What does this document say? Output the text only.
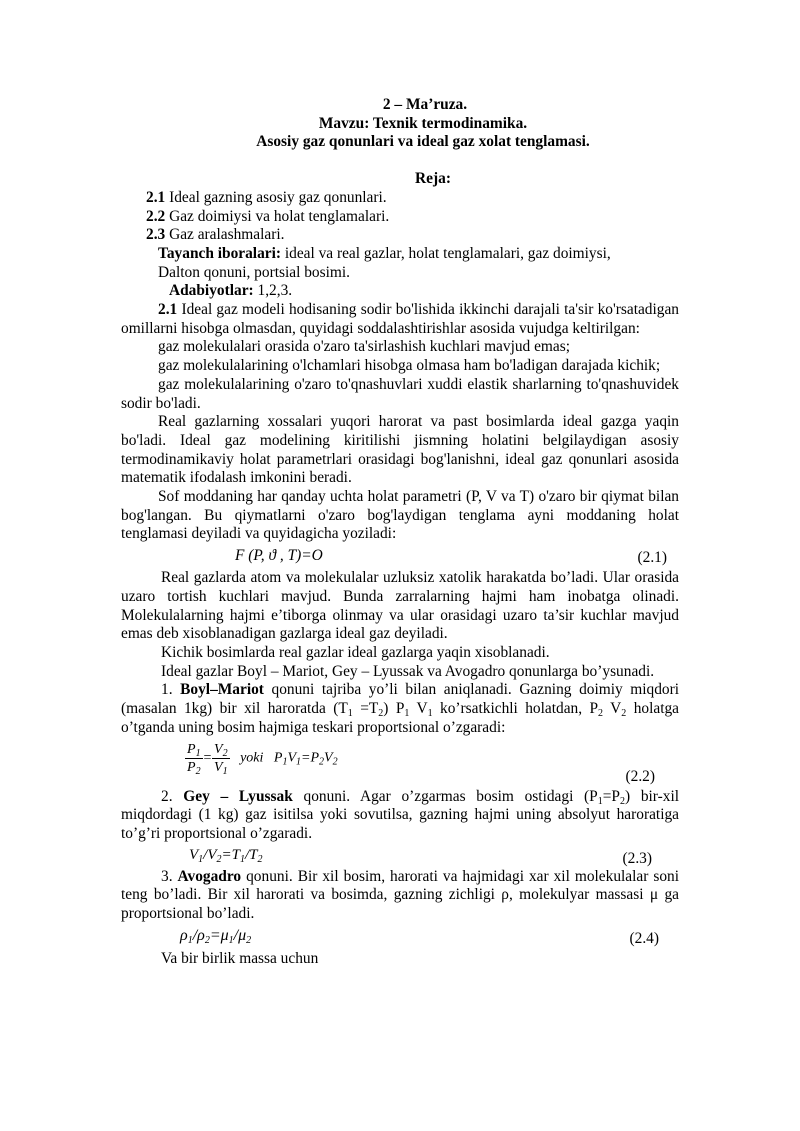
2 – Ma’ruza.

Mavzu: Texnik termodinamika.

Asosiy gaz qonunlari va ideal gaz xolat tenglamasi.

Reja:

2.1 Ideal gazning asosiy gaz qonunlari.

2.2 Gaz doimiysi va holat tenglamalari.

2.3 Gaz aralashmalari.

Tayanch iboralari: ideal va real gazlar, holat tenglamalari, gaz doimiysi,

Dalton qonuni, portsial bosimi.

Adabiyotlar: 1,2,3.

2.1 Ideal gaz modeli hodisaning sodir bo'lishida ikkinchi darajali ta'sir ko'rsatadigan omillarni hisobga olmasdan, quyidagi soddalashtirishlar asosida vujudga keltirilgan:

gaz molekulalari orasida o'zaro ta'sirlashish kuchlari mavjud emas;

gaz molekulalarining o'lchamlari hisobga olmasa ham bo'ladigan darajada kichik;

gaz molekulalarining o'zaro to'qnashuvlari xuddi elastik sharlarning to'qnashuvidek sodir bo'ladi.

Real gazlarning xossalari yuqori harorat va past bosimlarda ideal gazga yaqin bo'ladi. Ideal gaz modelining kiritilishi jismning holatini belgilaydigan asosiy termodinamikaviy holat parametrlari orasidagi bog'lanishni, ideal gaz qonunlari asosida matematik ifodalash imkonini beradi.

Sof moddaning har qanday uchta holat parametri (P, V va T) o'zaro bir qiymat bilan bog'langan. Bu qiymatlarni o'zaro bog'laydigan tenglama ayni moddaning holat tenglamasi deyiladi va quyidagicha yoziladi:

F (P, ϑ , T)=O	(2.1)

Real gazlarda atom va molekulalar uzluksiz xatolik harakatda bo’ladi. Ular orasida uzaro tortish kuchlari mavjud. Bunda zarralarning hajmi ham inobatga olinadi. Molekulalarning hajmi e’tiborga olinmay va ular orasidagi uzaro ta’sir kuchlar mavjud emas deb xisoblanadigan gazlarga ideal gaz deyiladi.

Kichik bosimlarda real gazlar ideal gazlarga yaqin xisoblanadi.

Ideal gazlar Boyl – Mariot, Gey – Lyussak va Avogadro qonunlarga bo’ysunadi.

1. Boyl–Mariot qonuni tajriba yo’li bilan aniqlanadi. Gazning doimiy miqdori (masalan 1kg) bir xil haroratda $(T_1 =T_2)$ $P_1$ $V_1$ ko’rsatkichli holatdan, $P_2$ $V_2$ holatga o’tganda uning bosim hajmiga teskari proportsional o’zgaradi:

$\frac{P_1}{P_2} = \frac{V_2}{V_1}$ yoki   $P_1V_1=P_2V_2$
(2.2)

2. Gey – Lyussak qonuni. Agar o’zgarmas bosim ostidagi $(P_1=P_2)$ bir-xil miqdordagi (1 kg) gaz isitilsa yoki sovutilsa, gazning hajmi uning absolyut haroratiga to’g’ri proportsional o’zgaradi.

$V_1/V_2=T_1/T_2$	(2.3)

3. Avogadro qonuni. Bir xil bosim, harorati va hajmidagi xar xil molekulalar soni teng bo’ladi. Bir xil harorati va bosimda, gazning zichligi ρ, molekulyar massasi μ ga proportsional bo’ladi.

$\rho_1/\rho_2=\mu_1/\mu_2$	(2.4)

Va bir birlik massa uchun
